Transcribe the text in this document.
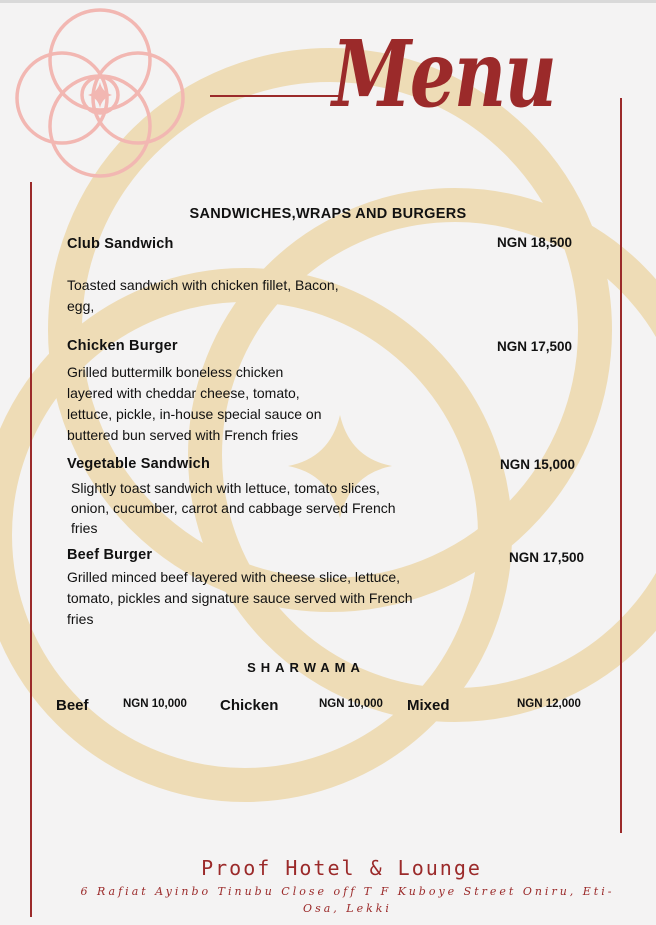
Menu
SANDWICHES,WRAPS AND BURGERS
Club Sandwich	NGN 18,500
Toasted sandwich with chicken fillet, Bacon,
egg,
Chicken Burger	NGN 17,500
Grilled buttermilk boneless chicken
layered with cheddar cheese, tomato,
lettuce, pickle, in-house special sauce on
buttered bun served with French fries
Vegetable Sandwich	NGN 15,000
Slightly toast sandwich with lettuce, tomato slices,
onion, cucumber, carrot and cabbage served French
fries
Beef Burger	NGN 17,500
Grilled minced beef layered with cheese slice, lettuce,
tomato, pickles and signature sauce served with French
fries
SHARWAMA
Beef	NGN 10,000 Chicken	NGN 10,000 Mixed	NGN 12,000
Proof Hotel & Lounge
6 Rafiat Ayinbo Tinubu Close off T F Kuboye Street Oniru, Eti-Osa, Lekki
